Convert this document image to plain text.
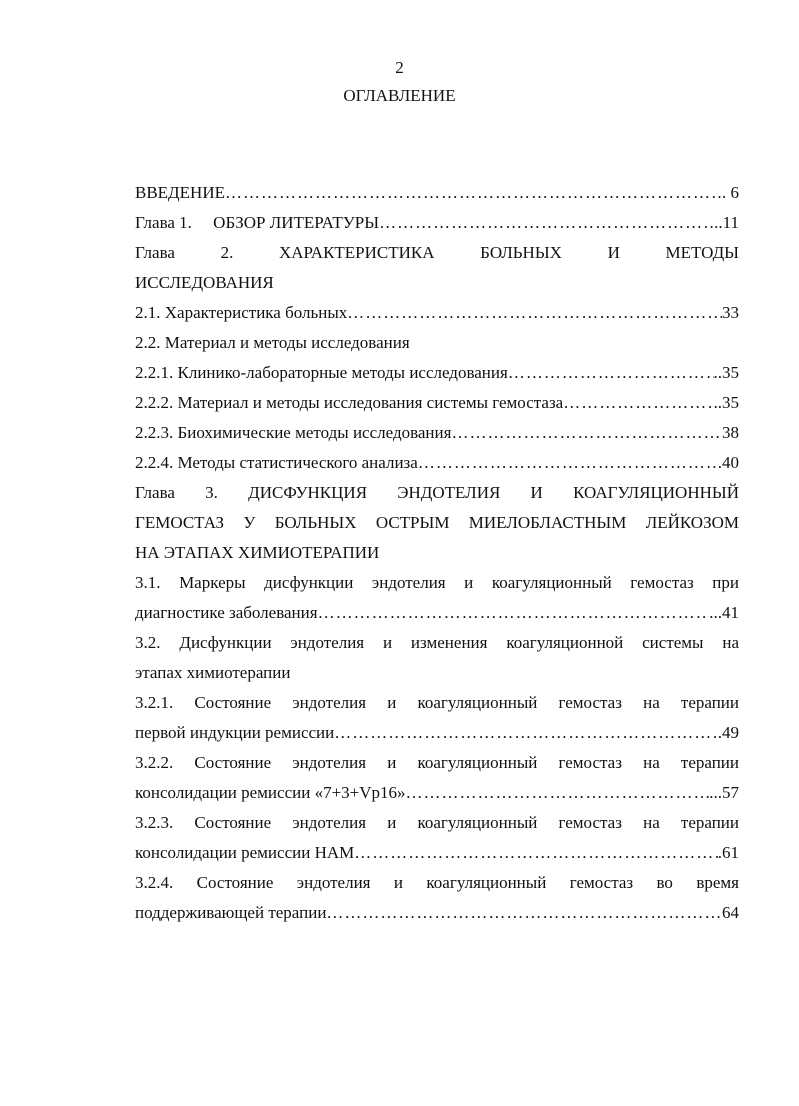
2
ОГЛАВЛЕНИЕ
ВВЕДЕНИЕ ……………………………………………………………………………………………………………………………………………………………………………………	. 6
Глава 1.     ОБЗОР ЛИТЕРАТУРЫ ……………………………………………………………………………………………………………………………………………………………………………………	..11
Глава 2. ХАРАКТЕРИСТИКА БОЛЬНЫХ И МЕТОДЫ
ИССЛЕДОВАНИЯ
2.1. Характеристика больных ……………………………………………………………………………………………………………………………………………………………………………………	33
2.2. Материал и методы исследования
2.2.1. Клинико-лабораторные методы исследования ……………………………………………………………………………………………………………………………………………………………………………………	..35
2.2.2. Материал и методы исследования системы гемостаза ……………………………………………………………………………………………………………………………………………………………………………………	.35
2.2.3. Биохимические методы исследования ……………………………………………………………………………………………………………………………………………………………………………………	38
2.2.4. Методы статистического анализа ……………………………………………………………………………………………………………………………………………………………………………………	.40
Глава 3. ДИСФУНКЦИЯ ЭНДОТЕЛИЯ И КОАГУЛЯЦИОННЫЙ
ГЕМОСТАЗ У БОЛЬНЫХ ОСТРЫМ МИЕЛОБЛАСТНЫМ ЛЕЙКОЗОМ
НА ЭТАПАХ ХИМИОТЕРАПИИ
3.1. Маркеры дисфункции эндотелия и коагуляционный гемостаз при
диагностике заболевания ……………………………………………………………………………………………………………………………………………………………………………………	...41
3.2. Дисфункции эндотелия и изменения коагуляционной системы на
этапах химиотерапии
3.2.1. Состояние эндотелия и коагуляционный гемостаз на терапии
первой индукции ремиссии ……………………………………………………………………………………………………………………………………………………………………………………	.49
3.2.2. Состояние эндотелия и коагуляционный гемостаз на терапии
консолидации ремиссии «7+3+Vp16» ……………………………………………………………………………………………………………………………………………………………………………………	...57
3.2.3. Состояние эндотелия и коагуляционный гемостаз на терапии
консолидации ремиссии HAM ……………………………………………………………………………………………………………………………………………………………………………………	.61
3.2.4. Состояние эндотелия и коагуляционный гемостаз во время
поддерживающей терапии ……………………………………………………………………………………………………………………………………………………………………………………	64
